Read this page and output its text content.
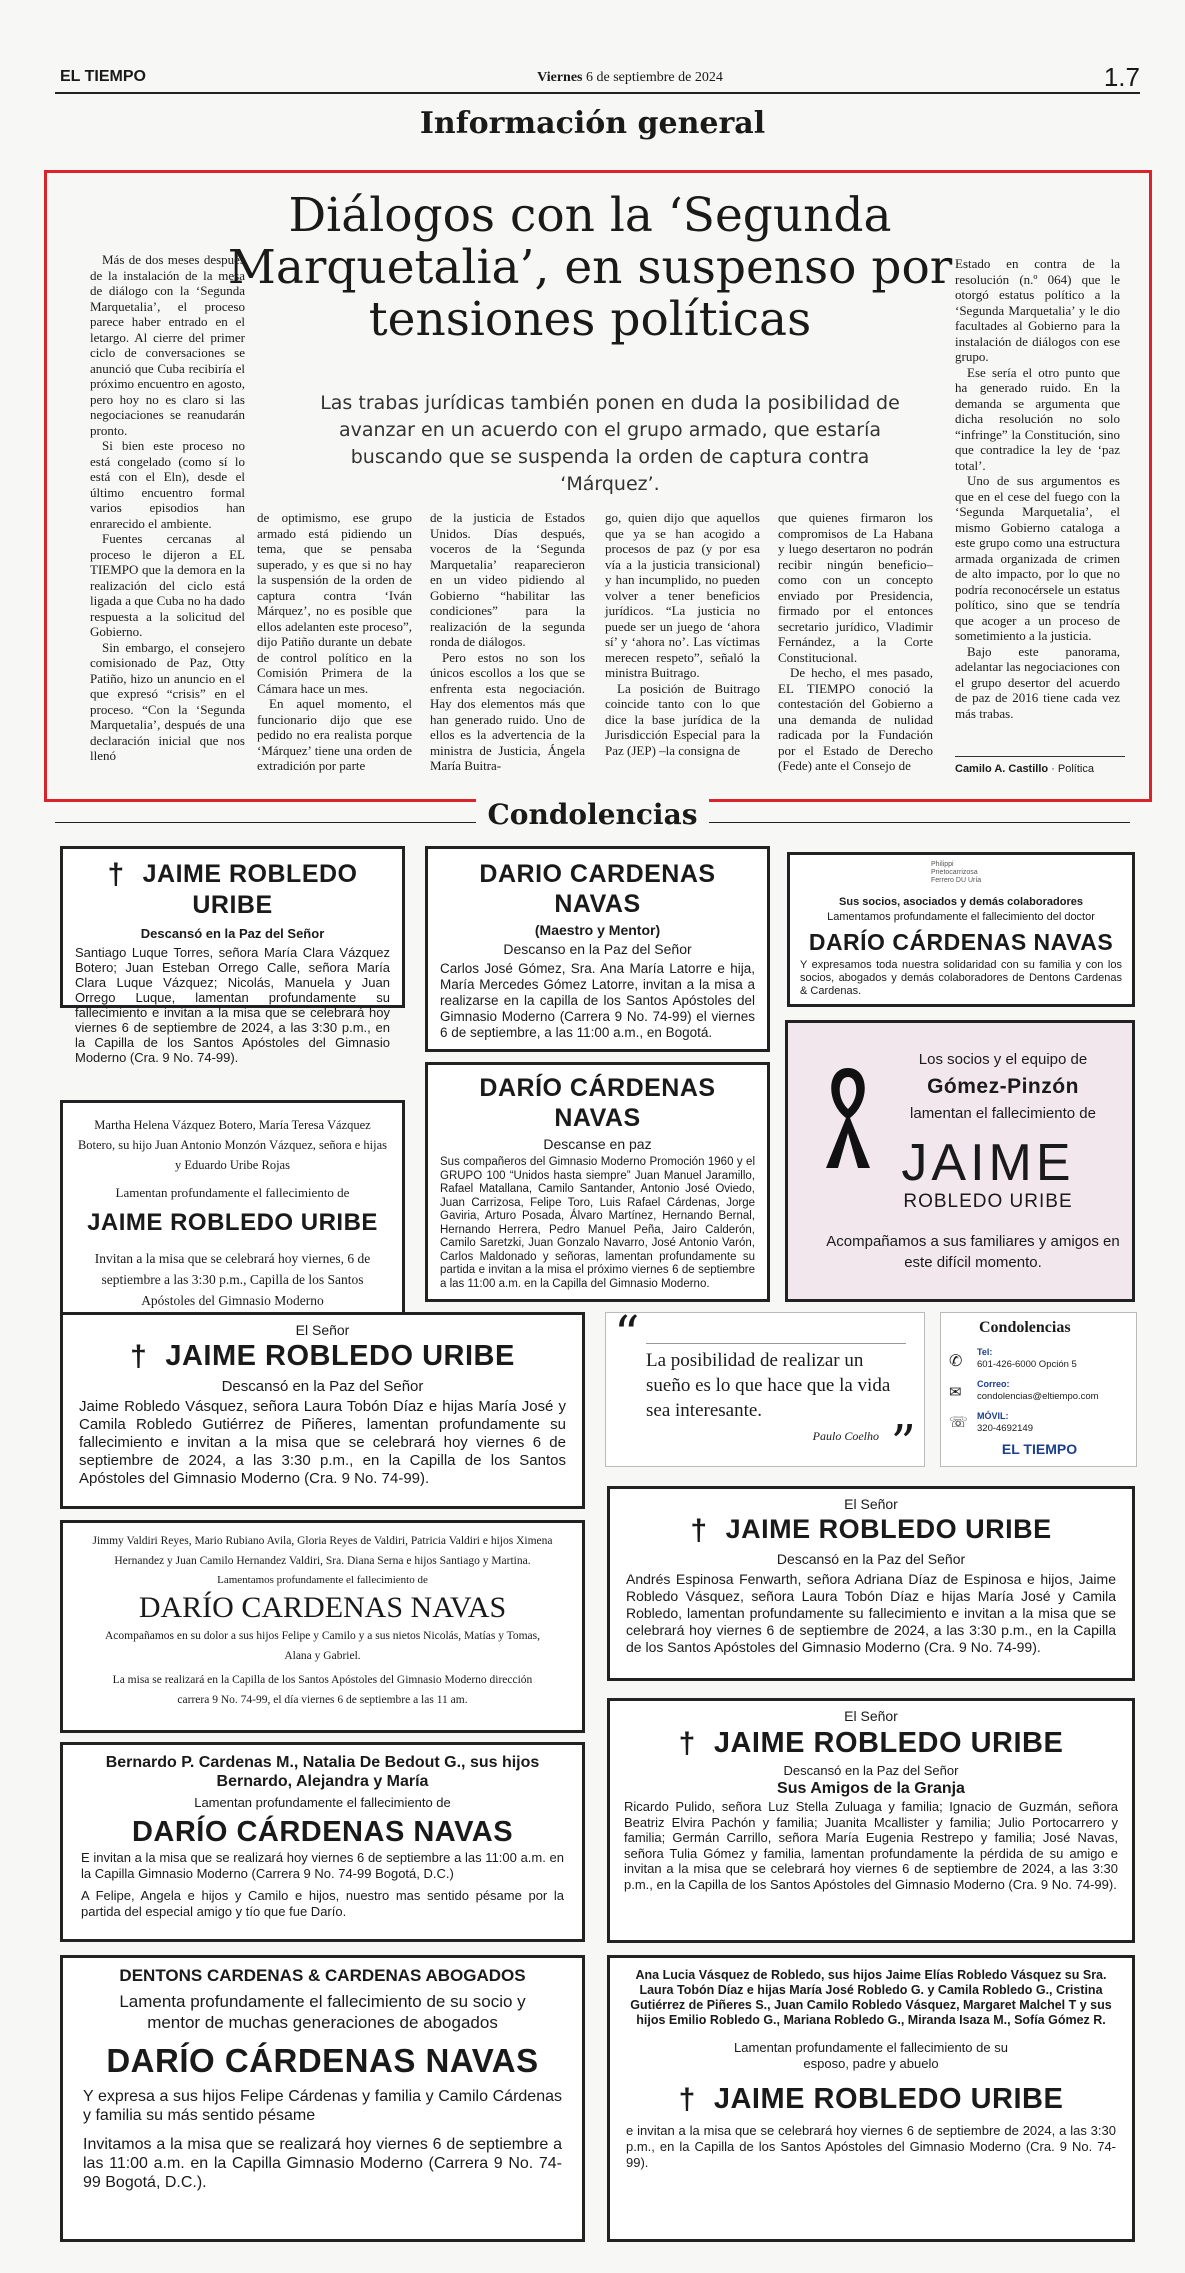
EL TIEMPO	Viernes 6 de septiembre de 2024	1.7
Información general
Diálogos con la ‘Segunda Marquetalia’, en suspenso por tensiones políticas
Las trabas jurídicas también ponen en duda la posibilidad de avanzar en un acuerdo con el grupo armado, que estaría buscando que se suspenda la orden de captura contra ‘Márquez’.

Más de dos meses después de la instalación de la mesa de diálogo con la ‘Segunda Marquetalia’, el proceso parece haber entrado en el letargo. Al cierre del primer ciclo de conversaciones se anunció que Cuba recibiría el próximo encuentro en agosto, pero hoy no es claro si las negociaciones se reanudarán pronto.

Si bien este proceso no está congelado (como sí lo está con el Eln), desde el último encuentro formal varios episodios han enrarecido el ambiente.

Fuentes cercanas al proceso le dijeron a EL TIEMPO que la demora en la realización del ciclo está ligada a que Cuba no ha dado respuesta a la solicitud del Gobierno.

Sin embargo, el consejero comisionado de Paz, Otty Patiño, hizo un anuncio en el que expresó “crisis” en el proceso. “Con la ‘Segunda Marquetalia’, después de una declaración inicial que nos llenó

de optimismo, ese grupo armado está pidiendo un tema, que se pensaba superado, y es que si no hay la suspensión de la orden de captura contra ‘Iván Márquez’, no es posible que ellos adelanten este proceso”, dijo Patiño durante un debate de control político en la Comisión Primera de la Cámara hace un mes.

En aquel momento, el funcionario dijo que ese pedido no era realista porque ‘Márquez’ tiene una orden de extradición por parte

de la justicia de Estados Unidos. Días después, voceros de la ‘Segunda Marquetalia’ reaparecieron en un video pidiendo al Gobierno “habilitar las condiciones” para la realización de la segunda ronda de diálogos.

Pero estos no son los únicos escollos a los que se enfrenta esta negociación. Hay dos elementos más que han generado ruido. Uno de ellos es la advertencia de la ministra de Justicia, Ángela María Buitra-

go, quien dijo que aquellos que ya se han acogido a procesos de paz (y por esa vía a la justicia transicional) y han incumplido, no pueden volver a tener beneficios jurídicos. “La justicia no puede ser un juego de ‘ahora sí’ y ‘ahora no’. Las víctimas merecen respeto”, señaló la ministra Buitrago.

La posición de Buitrago coincide tanto con lo que dice la base jurídica de la Jurisdicción Especial para la Paz (JEP) –la consigna de

que quienes firmaron los compromisos de La Habana y luego desertaron no podrán recibir ningún beneficio– como con un concepto enviado por Presidencia, firmado por el entonces secretario jurídico, Vladimir Fernández, a la Corte Constitucional.

De hecho, el mes pasado, EL TIEMPO conoció la contestación del Gobierno a una demanda de nulidad radicada por la Fundación por el Estado de Derecho (Fede) ante el Consejo de

Estado en contra de la resolución (n.º 064) que le otorgó estatus político a la ‘Segunda Marquetalia’ y le dio facultades al Gobierno para la instalación de diálogos con ese grupo.

Ese sería el otro punto que ha generado ruido. En la demanda se argumenta que dicha resolución no solo “infringe” la Constitución, sino que contradice la ley de ‘paz total’.

Uno de sus argumentos es que en el cese del fuego con la ‘Segunda Marquetalia’, el mismo Gobierno cataloga a este grupo como una estructura armada organizada de crimen de alto impacto, por lo que no podría reconocérsele un estatus político, sino que se tendría que acoger a un proceso de sometimiento a la justicia.

Bajo este panorama, adelantar las negociaciones con el grupo desertor del acuerdo de paz de 2016 tiene cada vez más trabas.

Camilo A. Castillo · Política
Condolencias
† JAIME ROBLEDO URIBE
Descansó en la Paz del Señor
Santiago Luque Torres, señora María Clara Vázquez Botero; Juan Esteban Orrego Calle, señora María Clara Luque Vázquez; Nicolás, Manuela y Juan Orrego Luque, lamentan profundamente su fallecimiento e invitan a la misa que se celebrará hoy viernes 6 de septiembre de 2024, a las 3:30 p.m., en la Capilla de los Santos Apóstoles del Gimnasio Moderno (Cra. 9 No. 74-99).
DARIO CARDENAS NAVAS
(Maestro y Mentor)
Descanso en la Paz del Señor
Carlos José Gómez, Sra. Ana María Latorre e hija, María Mercedes Gómez Latorre, invitan a la misa a realizarse en la capilla de los Santos Apóstoles del Gimnasio Moderno (Carrera 9 No. 74-99) el viernes 6 de septiembre, a las 11:00 a.m., en Bogotá.
Philippi Prietocarrizosa Ferrero DU Uría
Sus socios, asociados y demás colaboradores
Lamentamos profundamente el fallecimiento del doctor
DARÍO CÁRDENAS NAVAS
Y expresamos toda nuestra solidaridad con su familia y con los socios, abogados y demás colaboradores de Dentons Cardenas & Cardenas.
Martha Helena Vázquez Botero, María Teresa Vázquez Botero, su hijo Juan Antonio Monzón Vázquez, señora e hijas y Eduardo Uribe Rojas
Lamentan profundamente el fallecimiento de
JAIME ROBLEDO URIBE
Invitan a la misa que se celebrará hoy viernes, 6 de septiembre a las 3:30 p.m., Capilla de los Santos Apóstoles del Gimnasio Moderno
DARÍO CÁRDENAS NAVAS
Descanse en paz
Sus compañeros del Gimnasio Moderno Promoción 1960 y el GRUPO 100 “Unidos hasta siempre” Juan Manuel Jaramillo, Rafael Matallana, Camilo Santander, Antonio José Oviedo, Juan Carrizosa, Felipe Toro, Luis Rafael Cárdenas, Jorge Gaviria, Arturo Posada, Álvaro Martínez, Hernando Bernal, Hernando Herrera, Pedro Manuel Peña, Jairo Calderón, Camilo Saretzki, Juan Gonzalo Navarro, José Antonio Varón, Carlos Maldonado y señoras, lamentan profundamente su partida e invitan a la misa el próximo viernes 6 de septiembre a las 11:00 a.m. en la Capilla del Gimnasio Moderno.
Los socios y el equipo de
Gómez-Pinzón
lamentan el fallecimiento de
JAIME
ROBLEDO URIBE
Acompañamos a sus familiares y amigos en este difícil momento.
El Señor
† JAIME ROBLEDO URIBE
Descansó en la Paz del Señor
Jaime Robledo Vásquez, señora Laura Tobón Díaz e hijas María José y Camila Robledo Gutiérrez de Piñeres, lamentan profundamente su fallecimiento e invitan a la misa que se celebrará hoy viernes 6 de septiembre de 2024, a las 3:30 p.m., en la Capilla de los Santos Apóstoles del Gimnasio Moderno (Cra. 9 No. 74-99).
“ La posibilidad de realizar un sueño es lo que hace que la vida sea interesante.
Paulo Coelho ”
Condolencias
✆
Tel:
601-426-6000 Opción 5
✉ Correo:
condolencias@eltiempo.com
☏ MÓVIL:
320-4692149
EL TIEMPO
Jimmy Valdiri Reyes, Mario Rubiano Avila, Gloria Reyes de Valdiri, Patricia Valdiri e hijos Ximena Hernandez y Juan Camilo Hernandez Valdiri, Sra. Diana Serna e hijos Santiago y Martina.
Lamentamos profundamente el fallecimiento de
DARÍO CARDENAS NAVAS
Acompañamos en su dolor a sus hijos Felipe y Camilo y a sus nietos Nicolás, Matías y Tomas, Alana y Gabriel.
La misa se realizará en la Capilla de los Santos Apóstoles del Gimnasio Moderno dirección carrera 9 No. 74-99, el día viernes 6 de septiembre a las 11 am.
El Señor
† JAIME ROBLEDO URIBE
Descansó en la Paz del Señor
Andrés Espinosa Fenwarth, señora Adriana Díaz de Espinosa e hijos, Jaime Robledo Vásquez, señora Laura Tobón Díaz e hijas María José y Camila Robledo, lamentan profundamente su fallecimiento e invitan a la misa que se celebrará hoy viernes 6 de septiembre de 2024, a las 3:30 p.m., en la Capilla de los Santos Apóstoles del Gimnasio Moderno (Cra. 9 No. 74-99).
Bernardo P. Cardenas M., Natalia De Bedout G., sus hijos Bernardo, Alejandra y María
Lamentan profundamente el fallecimiento de
DARÍO CÁRDENAS NAVAS
E invitan a la misa que se realizará hoy viernes 6 de septiembre a las 11:00 a.m. en la Capilla Gimnasio Moderno (Carrera 9 No. 74-99 Bogotá, D.C.)
A Felipe, Angela e hijos y Camilo e hijos, nuestro mas sentido pésame por la partida del especial amigo y tío que fue Darío.
El Señor
† JAIME ROBLEDO URIBE
Descansó en la Paz del Señor
Sus Amigos de la Granja
Ricardo Pulido, señora Luz Stella Zuluaga y familia; Ignacio de Guzmán, señora Beatriz Elvira Pachón y familia; Juanita Mcallister y familia; Julio Portocarrero y familia; Germán Carrillo, señora María Eugenia Restrepo y familia; José Navas, señora Tulia Gómez y familia, lamentan profundamente la pérdida de su amigo e invitan a la misa que se celebrará hoy viernes 6 de septiembre de 2024, a las 3:30 p.m., en la Capilla de los Santos Apóstoles del Gimnasio Moderno (Cra. 9 No. 74-99).
DENTONS CARDENAS & CARDENAS ABOGADOS
Lamenta profundamente el fallecimiento de su socio y mentor de muchas generaciones de abogados
DARÍO CÁRDENAS NAVAS
Y expresa a sus hijos Felipe Cárdenas y familia y Camilo Cárdenas y familia su más sentido pésame
Invitamos a la misa que se realizará hoy viernes 6 de septiembre a las 11:00 a.m. en la Capilla Gimnasio Moderno (Carrera 9 No. 74-99 Bogotá, D.C.).
Ana Lucia Vásquez de Robledo, sus hijos Jaime Elías Robledo Vásquez su Sra. Laura Tobón Díaz e hijas María José Robledo G. y Camila Robledo G., Cristina Gutiérrez de Piñeres S., Juan Camilo Robledo Vásquez, Margaret Malchel T y sus hijos Emilio Robledo G., Mariana Robledo G., Miranda Isaza M., Sofía Gómez R.
Lamentan profundamente el fallecimiento de su esposo, padre y abuelo
† JAIME ROBLEDO URIBE
e invitan a la misa que se celebrará hoy viernes 6 de septiembre de 2024, a las 3:30 p.m., en la Capilla de los Santos Apóstoles del Gimnasio Moderno (Cra. 9 No. 74-99).
